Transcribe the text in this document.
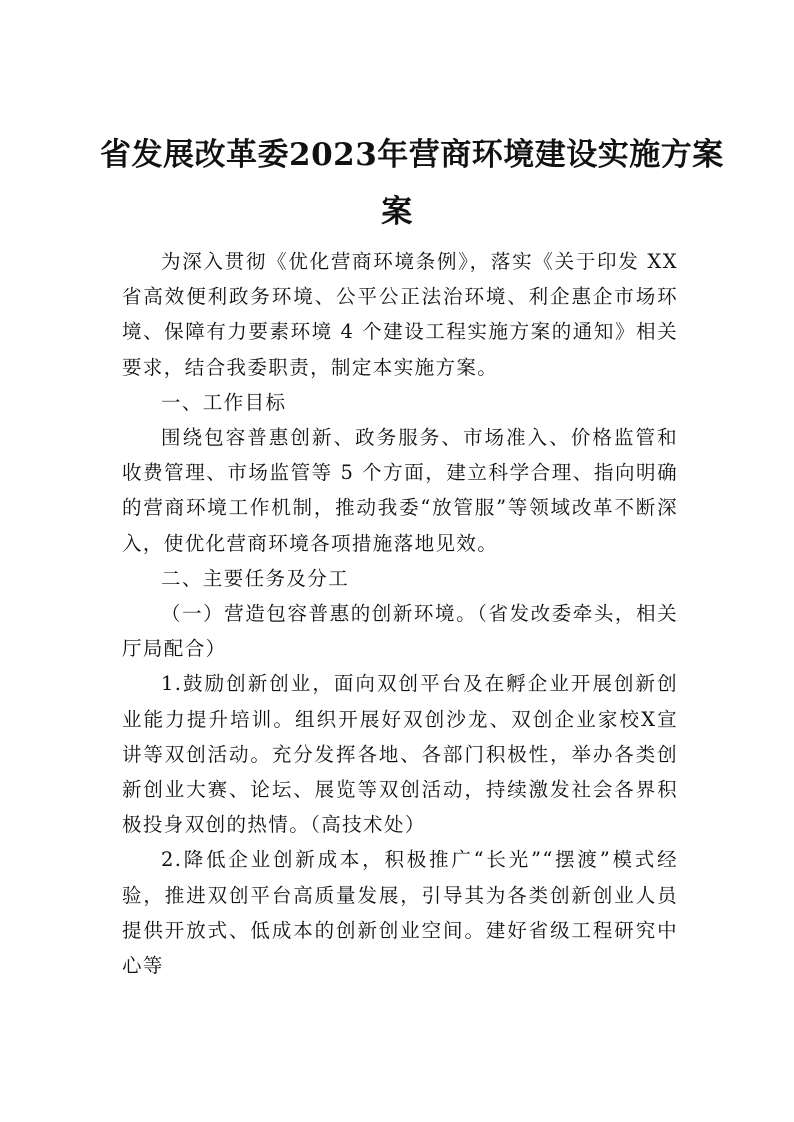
省发展改革委2023年营商环境建设实施方案
案

为深入贯彻《优化营商环境条例》，落实《关于印发 XX 省高效便利政务环境、公平公正法治环境、利企惠企市场环境、保障有力要素环境 4 个建设工程实施方案的通知》相关要求，结合我委职责，制定本实施方案。

一、工作目标

围绕包容普惠创新、政务服务、市场准入、价格监管和收费管理、市场监管等 5 个方面，建立科学合理、指向明确的营商环境工作机制，推动我委“放管服”等领域改革不断深入，使优化营商环境各项措施落地见效。

二、主要任务及分工

（一）营造包容普惠的创新环境。（省发改委牵头，相关厅局配合）

1.鼓励创新创业，面向双创平台及在孵企业开展创新创业能力提升培训。组织开展好双创沙龙、双创企业家校X宣讲等双创活动。充分发挥各地、各部门积极性，举办各类创新创业大赛、论坛、展览等双创活动，持续激发社会各界积极投身双创的热情。（高技术处）

2.降低企业创新成本，积极推广“长光”“摆渡”模式经验，推进双创平台高质量发展，引导其为各类创新创业人员提供开放式、低成本的创新创业空间。建好省级工程研究中心等
